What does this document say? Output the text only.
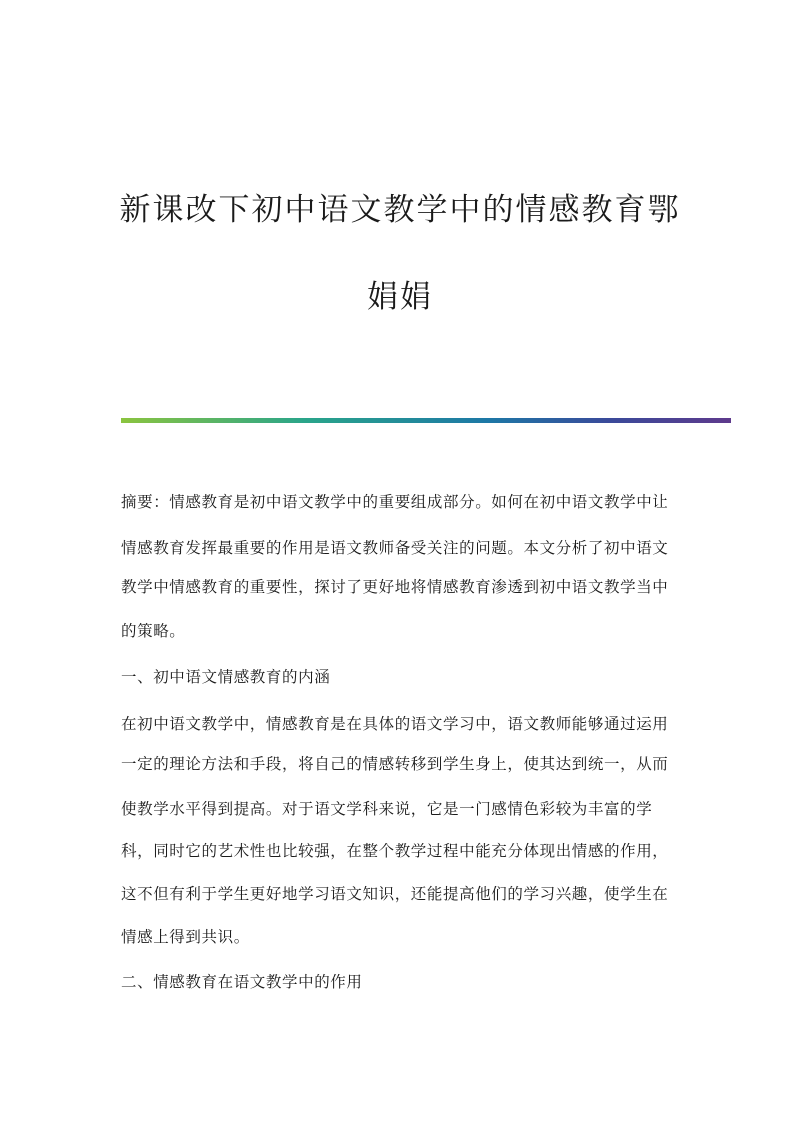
新课改下初中语文教学中的情感教育鄂
娟娟
摘要：情感教育是初中语文教学中的重要组成部分。如何在初中语文教学中让
情感教育发挥最重要的作用是语文教师备受关注的问题。本文分析了初中语文
教学中情感教育的重要性，探讨了更好地将情感教育渗透到初中语文教学当中
的策略。
一、初中语文情感教育的内涵
在初中语文教学中，情感教育是在具体的语文学习中，语文教师能够通过运用
一定的理论方法和手段，将自己的情感转移到学生身上，使其达到统一，从而
使教学水平得到提高。对于语文学科来说，它是一门感情色彩较为丰富的学
科，同时它的艺术性也比较强，在整个教学过程中能充分体现出情感的作用，
这不但有利于学生更好地学习语文知识，还能提高他们的学习兴趣，使学生在
情感上得到共识。
二、情感教育在语文教学中的作用
